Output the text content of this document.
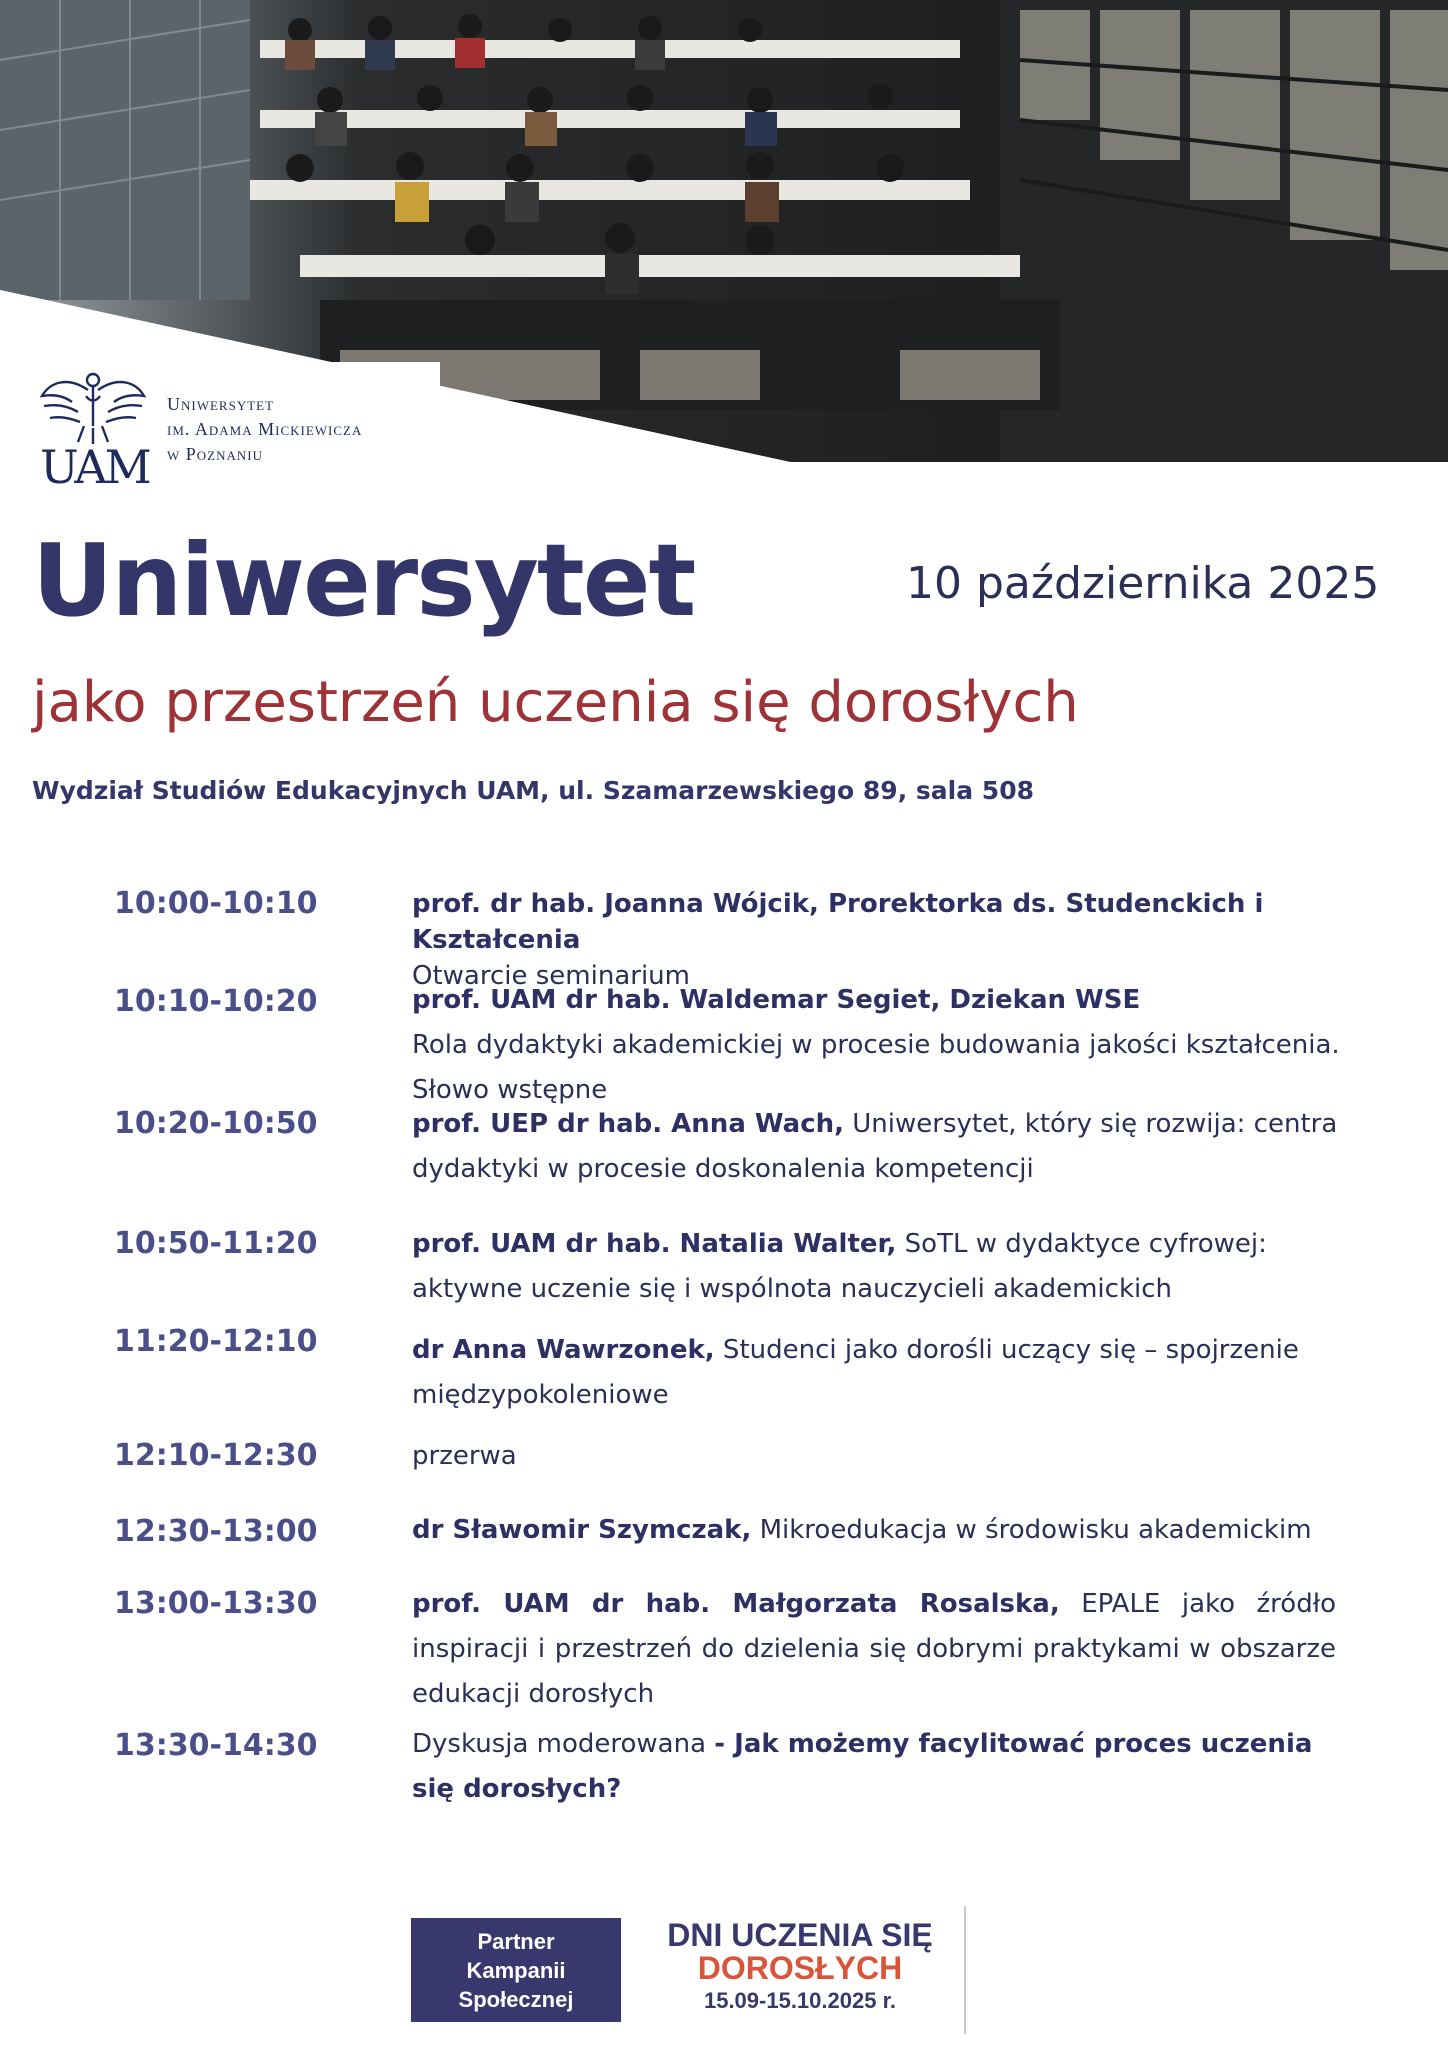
UAM
Uniwersytet
im. Adama Mickiewicza
w Poznaniu
Uniwersytet	10 października 2025
jako przestrzeń uczenia się dorosłych
Wydział Studiów Edukacyjnych UAM, ul. Szamarzewskiego 89, sala 508
10:00-10:10	prof. dr hab. Joanna Wójcik, Prorektorka ds. Studenckich i Kształcenia
Otwarcie seminarium
10:10-10:20	prof. UAM dr hab. Waldemar Segiet, Dziekan WSE
Rola dydaktyki akademickiej w procesie budowania jakości kształcenia. Słowo wstępne
10:20-10:50	prof. UEP dr hab. Anna Wach, Uniwersytet, który się rozwija: centra dydaktyki w procesie doskonalenia kompetencji
10:50-11:20	prof. UAM dr hab. Natalia Walter, SoTL w dydaktyce cyfrowej: aktywne uczenie się i wspólnota nauczycieli akademickich
11:20-12:10	dr Anna Wawrzonek, Studenci jako dorośli uczący się – spojrzenie międzypokoleniowe
12:10-12:30	przerwa
12:30-13:00	dr Sławomir Szymczak, Mikroedukacja w środowisku akademickim
13:00-13:30	prof. UAM dr hab. Małgorzata Rosalska, EPALE jako źródło inspiracji i przestrzeń do dzielenia się dobrymi praktykami w obszarze edukacji dorosłych
13:30-14:30	Dyskusja moderowana - Jak możemy facylitować proces uczenia się dorosłych?
Partner
Kampanii
Społecznej
DNI UCZENIA SIĘ
DOROSŁYCH
15.09-15.10.2025 r.
